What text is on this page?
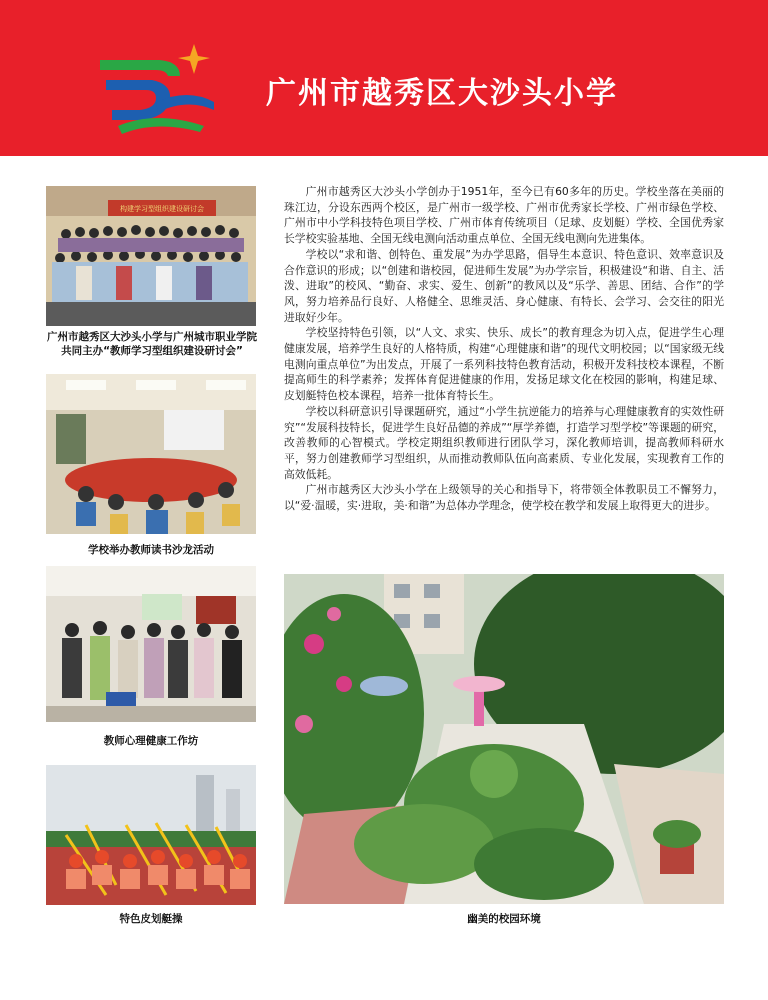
广州市越秀区大沙头小学
构建学习型组织建设研讨会
广州市越秀区大沙头小学与广州城市职业学院共同主办“教师学习型组织建设研讨会”
学校举办教师读书沙龙活动
教师心理健康工作坊
特色皮划艇操

广州市越秀区大沙头小学创办于1951年，至今已有60多年的历史。学校坐落在美丽的珠江边，分设东西两个校区，是广州市一级学校、广州市优秀家长学校、广州市绿色学校、广州市中小学科技特色项目学校、广州市体育传统项目（足球、皮划艇）学校、全国优秀家长学校实验基地、全国无线电测向活动重点单位、全国无线电测向先进集体。

学校以“求和谐、创特色、重发展”为办学思路，倡导生本意识、特色意识、效率意识及合作意识的形成；以“创建和谐校园，促进师生发展”为办学宗旨，积极建设“和谐、自主、活泼、进取”的校风、“勤奋、求实、爱生、创新”的教风以及“乐学、善思、团结、合作”的学风，努力培养品行良好、人格健全、思维灵活、身心健康、有特长、会学习、会交往的阳光进取好少年。

学校坚持特色引领，以“人文、求实、快乐、成长”的教育理念为切入点，促进学生心理健康发展，培养学生良好的人格特质，构建“心理健康和谐”的现代文明校园；以“国家级无线电测向重点单位”为出发点，开展了一系列科技特色教育活动，积极开发科技校本课程，不断提高师生的科学素养；发挥体育促进健康的作用，发扬足球文化在校园的影响，构建足球、皮划艇特色校本课程，培养一批体育特长生。

学校以科研意识引导课题研究，通过“小学生抗逆能力的培养与心理健康教育的实效性研究”“发展科技特长，促进学生良好品德的养成”“厚学养德，打造学习型学校”等课题的研究，改善教师的心智模式。学校定期组织教师进行团队学习，深化教师培训，提高教师科研水平，努力创建教师学习型组织，从而推动教师队伍向高素质、专业化发展，实现教育工作的高效低耗。

广州市越秀区大沙头小学在上级领导的关心和指导下，将带领全体教职员工不懈努力，以“爱·温暖，实·进取，美·和谐”为总体办学理念，使学校在教学和发展上取得更大的进步。

幽美的校园环境
